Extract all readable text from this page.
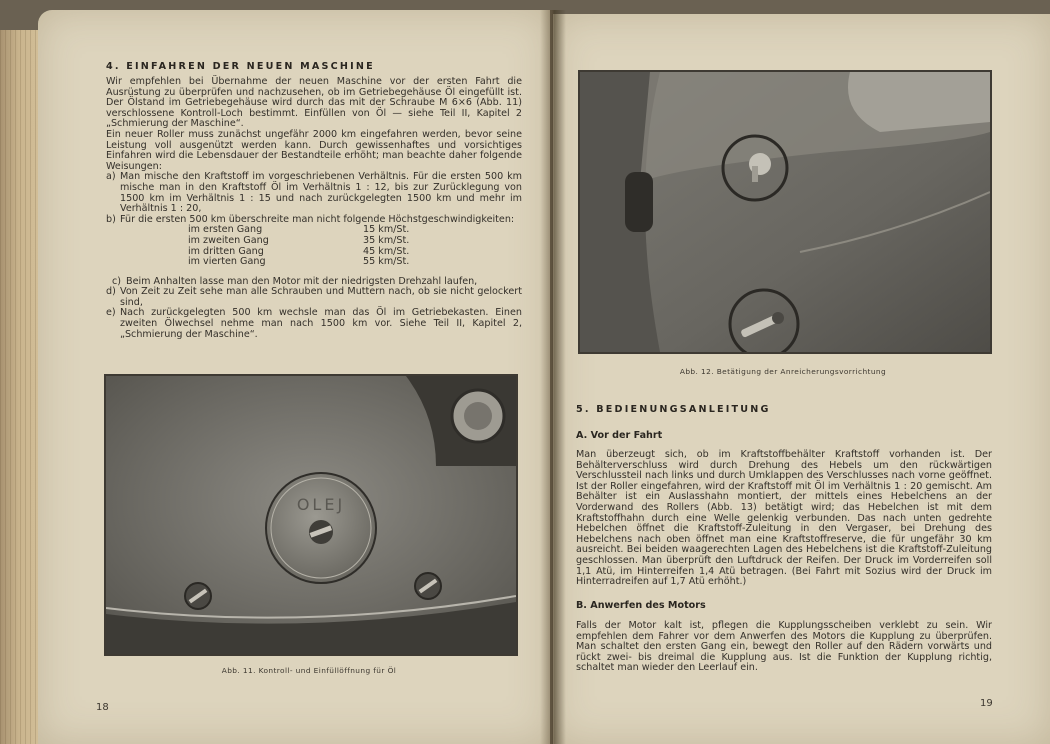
4. EINFAHREN DER NEUEN MASCHINE

Wir empfehlen bei Übernahme der neuen Maschine vor der ersten Fahrt die Ausrüstung zu überprüfen und nachzusehen, ob im Getriebegehäuse Öl eingefüllt ist. Der Ölstand im Getriebegehäuse wird durch das mit der Schraube M 6×6 (Abb. 11) verschlossene Kontroll-Loch bestimmt. Einfüllen von Öl — siehe Teil II, Kapitel 2 „Schmierung der Maschine“.

Ein neuer Roller muss zunächst ungefähr 2000 km eingefahren werden, bevor seine Leistung voll ausgenützt werden kann. Durch gewissenhaftes und vorsichtiges Einfahren wird die Lebensdauer der Bestandteile erhöht; man beachte daher folgende Weisungen:

a) Man mische den Kraftstoff im vorgeschriebenen Verhältnis. Für die ersten 500 km mische man in den Kraftstoff Öl im Verhältnis 1 : 12, bis zur Zurücklegung von 1500 km im Verhältnis 1 : 15 und nach zurückgelegten 1500 km und mehr im Verhältnis 1 : 20,
b) Für die ersten 500 km überschreite man nicht folgende Höchstgeschwindigkeiten:
im ersten Gang	15 km/St.
im zweiten Gang	35 km/St.
im dritten Gang	45 km/St.
im vierten Gang	55 km/St.
c) Beim Anhalten lasse man den Motor mit der niedrigsten Drehzahl laufen,
d) Von Zeit zu Zeit sehe man alle Schrauben und Muttern nach, ob sie nicht gelockert sind,
e) Nach zurückgelegten 500 km wechsle man das Öl im Getriebekasten. Einen zweiten Ölwechsel nehme man nach 1500 km vor. Siehe Teil II, Kapitel 2, „Schmierung der Maschine“.
OLEJ
Abb. 11. Kontroll- und Einfüllöffnung für Öl
18
Abb. 12. Betätigung der Anreicherungsvorrichtung
5. BEDIENUNGSANLEITUNG
A. Vor der Fahrt

Man überzeugt sich, ob im Kraftstoffbehälter Kraftstoff vorhanden ist. Der Behälterverschluss wird durch Drehung des Hebels um den rückwärtigen Verschlussteil nach links und durch Umklappen des Verschlusses nach vorne geöffnet. Ist der Roller eingefahren, wird der Kraftstoff mit Öl im Verhältnis 1 : 20 gemischt. Am Behälter ist ein Auslasshahn montiert, der mittels eines Hebelchens an der Vorderwand des Rollers (Abb. 13) betätigt wird; das Hebelchen ist mit dem Kraftstoffhahn durch eine Welle gelenkig verbunden. Das nach unten gedrehte Hebelchen öffnet die Kraftstoff-Zuleitung in den Vergaser, bei Drehung des Hebelchens nach oben öffnet man eine Kraftstoffreserve, die für ungefähr 30 km ausreicht. Bei beiden waagerechten Lagen des Hebelchens ist die Kraftstoff-Zuleitung geschlossen. Man überprüft den Luftdruck der Reifen. Der Druck im Vorderreifen soll 1,1 Atü, im Hinterreifen 1,4 Atü betragen. (Bei Fahrt mit Sozius wird der Druck im Hinterradreifen auf 1,7 Atü erhöht.)

B. Anwerfen des Motors

Falls der Motor kalt ist, pflegen die Kupplungsscheiben verklebt zu sein. Wir empfehlen dem Fahrer vor dem Anwerfen des Motors die Kupplung zu überprüfen. Man schaltet den ersten Gang ein, bewegt den Roller auf den Rädern vorwärts und rückt zwei- bis dreimal die Kupplung aus. Ist die Funktion der Kupplung richtig, schaltet man wieder den Leerlauf ein.

19
